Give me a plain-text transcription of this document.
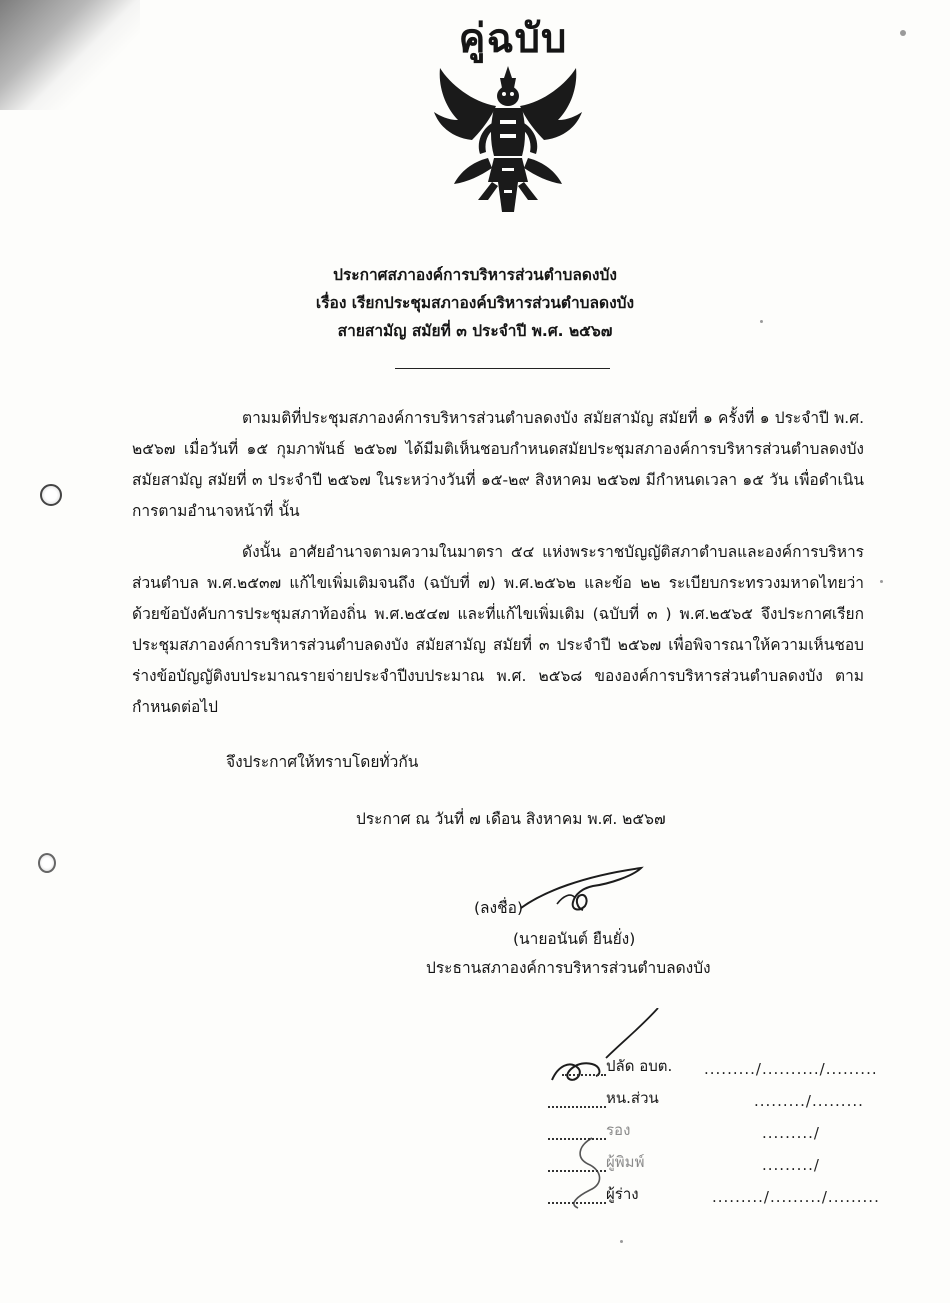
คู่ฉบับ
ประกาศสภาองค์การบริหารส่วนตำบลดงบัง
เรื่อง เรียกประชุมสภาองค์บริหารส่วนตำบลดงบัง
สายสามัญ สมัยที่ ๓ ประจำปี พ.ศ. ๒๕๖๗

ตามมติที่ประชุมสภาองค์การบริหารส่วนตำบลดงบัง สมัยสามัญ สมัยที่ ๑ ครั้งที่ ๑ ประจำปี พ.ศ. ๒๕๖๗ เมื่อวันที่ ๑๕ กุมภาพันธ์ ๒๕๖๗ ได้มีมติเห็นชอบกำหนดสมัยประชุมสภาองค์การบริหารส่วนตำบลดงบังสมัยสามัญ สมัยที่ ๓ ประจำปี ๒๕๖๗ ในระหว่างวันที่ ๑๕-๒๙ สิงหาคม ๒๕๖๗ มีกำหนดเวลา ๑๕ วัน เพื่อดำเนินการตามอำนาจหน้าที่ นั้น

ดังนั้น อาศัยอำนาจตามความในมาตรา ๕๔ แห่งพระราชบัญญัติสภาตำบลและองค์การบริหารส่วนตำบล พ.ศ.๒๕๓๗ แก้ไขเพิ่มเติมจนถึง (ฉบับที่ ๗) พ.ศ.๒๕๖๒ และข้อ ๒๒ ระเบียบกระทรวงมหาดไทยว่าด้วยข้อบังคับการประชุมสภาท้องถิ่น พ.ศ.๒๕๔๗ และที่แก้ไขเพิ่มเติม (ฉบับที่ ๓ ) พ.ศ.๒๕๖๕ จึงประกาศเรียกประชุมสภาองค์การบริหารส่วนตำบลดงบัง สมัยสามัญ สมัยที่ ๓ ประจำปี ๒๕๖๗ เพื่อพิจารณาให้ความเห็นชอบร่างข้อบัญญัติงบประมาณรายจ่ายประจำปีงบประมาณ พ.ศ. ๒๕๖๘ ขององค์การบริหารส่วนตำบลดงบัง ตามกำหนดต่อไป

จึงประกาศให้ทราบโดยทั่วกัน
ประกาศ ณ วันที่ ๗ เดือน สิงหาคม พ.ศ. ๒๕๖๗
(ลงชื่อ)
(นายอนันต์ ยืนยั่ง)
ประธานสภาองค์การบริหารส่วนตำบลดงบัง
ปลัด อบต. ........./........../.........
หน.ส่วน	........./.........
รอง	........./
ผู้พิมพ์	........./
ผู้ร่าง	........./........./.........
